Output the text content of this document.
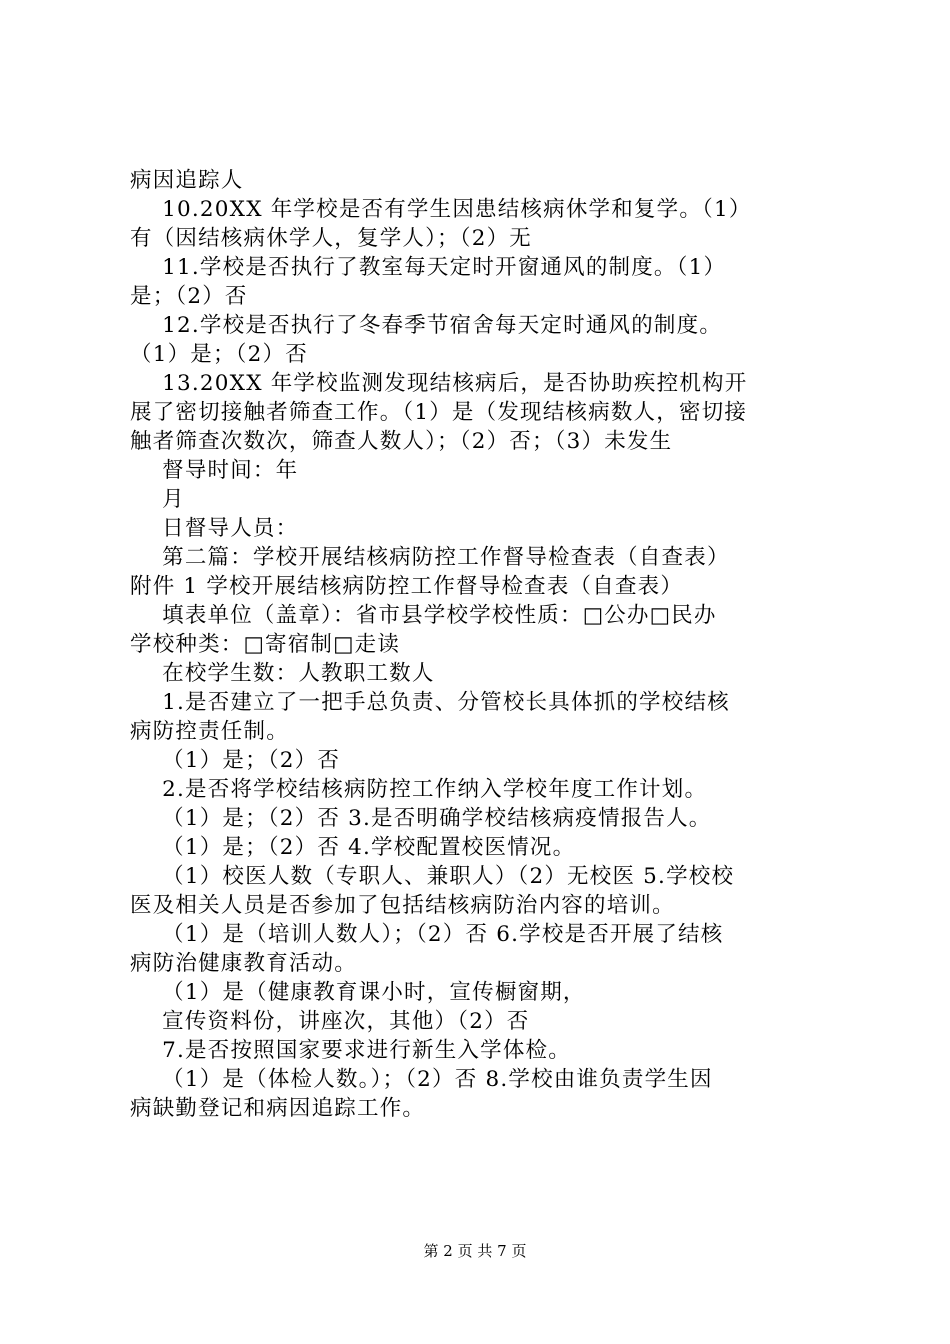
病因追踪人
10.20XX 年学校是否有学生因患结核病休学和复学。（1）
有（因结核病休学人，复学人）；（2）无
11.学校是否执行了教室每天定时开窗通风的制度。（1）
是；（2）否
12.学校是否执行了冬春季节宿舍每天定时通风的制度。
（1）是；（2）否
13.20XX 年学校监测发现结核病后，是否协助疾控机构开
展了密切接触者筛查工作。（1）是（发现结核病数人，密切接
触者筛查次数次，筛查人数人）；（2）否；（3）未发生
督导时间：年
月
日督导人员：
第二篇：学校开展结核病防控工作督导检查表（自查表）
附件 1 学校开展结核病防控工作督导检查表（自查表）
填表单位（盖章）：省市县学校学校性质：□公办□民办
学校种类：□寄宿制□走读
在校学生数：人教职工数人
1.是否建立了一把手总负责、分管校长具体抓的学校结核
病防控责任制。
（1）是；（2）否
2.是否将学校结核病防控工作纳入学校年度工作计划。
（1）是；（2）否 3.是否明确学校结核病疫情报告人。
（1）是；（2）否 4.学校配置校医情况。
（1）校医人数（专职人、兼职人）（2）无校医 5.学校校
医及相关人员是否参加了包括结核病防治内容的培训。
（1）是（培训人数人）；（2）否 6.学校是否开展了结核
病防治健康教育活动。
（1）是（健康教育课小时，宣传橱窗期，
宣传资料份，讲座次，其他）（2）否
7.是否按照国家要求进行新生入学体检。
（1）是（体检人数。）；（2）否 8.学校由谁负责学生因
病缺勤登记和病因追踪工作。
第 2 页 共 7 页
